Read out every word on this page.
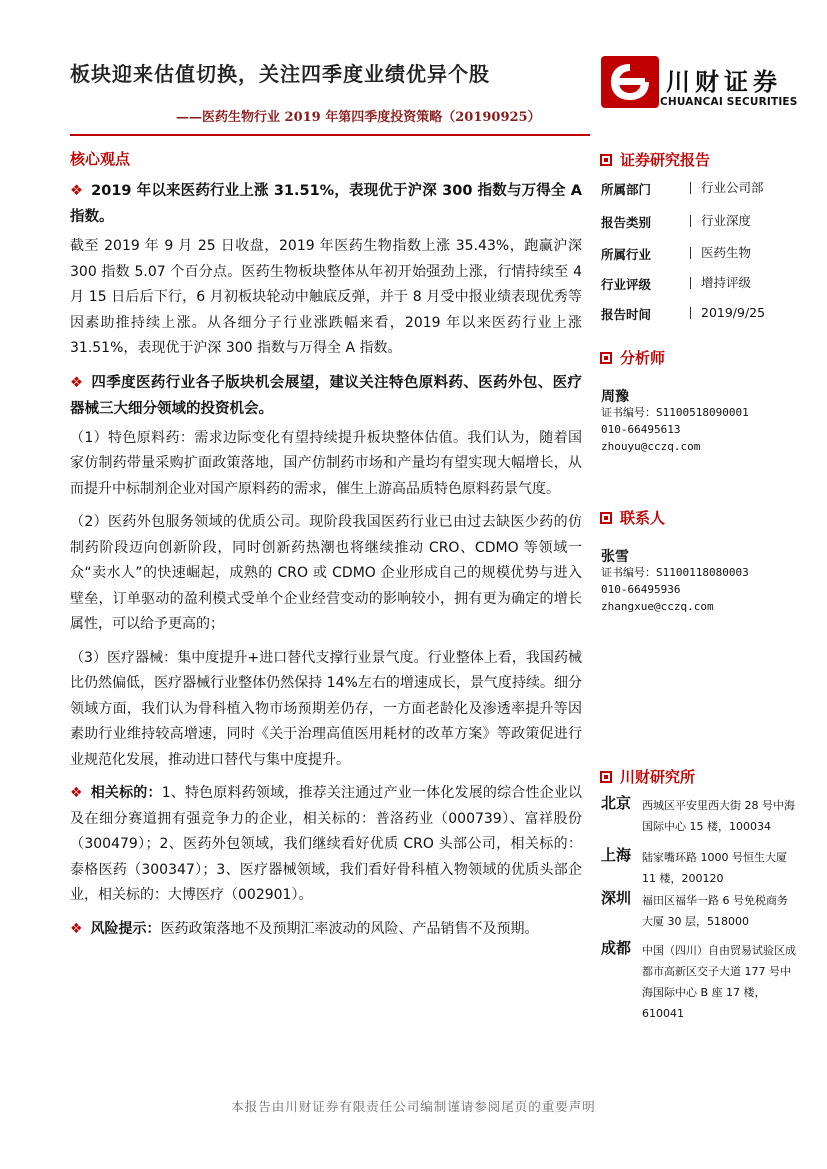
板块迎来估值切换，关注四季度业绩优异个股
——医药生物行业 2019 年第四季度投资策略（20190925）
川财证券
CHUANCAI SECURITIES
核心观点

❖ 2019 年以来医药行业上涨 31.51%，表现优于沪深 300 指数与万得全 A 指数。

截至 2019 年 9 月 25 日收盘，2019 年医药生物指数上涨 35.43%，跑赢沪深 300 指数 5.07 个百分点。医药生物板块整体从年初开始强劲上涨，行情持续至 4 月 15 日后后下行，6 月初板块轮动中触底反弹，并于 8 月受中报业绩表现优秀等因素助推持续上涨。从各细分子行业涨跌幅来看，2019 年以来医药行业上涨 31.51%，表现优于沪深 300 指数与万得全 A 指数。

❖ 四季度医药行业各子版块机会展望，建议关注特色原料药、医药外包、医疗器械三大细分领域的投资机会。

（1）特色原料药：需求边际变化有望持续提升板块整体估值。我们认为，随着国家仿制药带量采购扩面政策落地，国产仿制药市场和产量均有望实现大幅增长，从而提升中标制剂企业对国产原料药的需求，催生上游高品质特色原料药景气度。

（2）医药外包服务领域的优质公司。现阶段我国医药行业已由过去缺医少药的仿制药阶段迈向创新阶段，同时创新药热潮也将继续推动 CRO、CDMO 等领域一众“卖水人”的快速崛起，成熟的 CRO 或 CDMO 企业形成自己的规模优势与进入壁垒，订单驱动的盈利模式受单个企业经营变动的影响较小，拥有更为确定的增长属性，可以给予更高的；

（3）医疗器械：集中度提升+进口替代支撑行业景气度。行业整体上看，我国药械比仍然偏低，医疗器械行业整体仍然保持 14%左右的增速成长，景气度持续。细分领域方面，我们认为骨科植入物市场预期差仍存，一方面老龄化及渗透率提升等因素助行业维持较高增速，同时《关于治理高值医用耗材的改革方案》等政策促进行业规范化发展，推动进口替代与集中度提升。

❖ 相关标的：1、特色原料药领域，推荐关注通过产业一体化发展的综合性企业以及在细分赛道拥有强竞争力的企业，相关标的：普洛药业（000739）、富祥股份（300479）；2、医药外包领域，我们继续看好优质 CRO 头部公司，相关标的：泰格医药（300347）；3、医疗器械领域，我们看好骨科植入物领域的优质头部企业，相关标的：大博医疗（002901）。

❖ 风险提示：医药政策落地不及预期汇率波动的风险、产品销售不及预期。

证券研究报告
所属部门	行业公司部
报告类别	行业深度
所属行业	医药生物
行业评级	增持评级
报告时间	2019/9/25
分析师
周豫
证书编号：S1100518090001
010-66495613
zhouyu@cczq.com
联系人
张雪
证书编号：S1100118080003
010-66495936
zhangxue@cczq.com
川财研究所
北京 西城区平安里西大街 28 号中海国际中心 15 楼，100034
上海 陆家嘴环路 1000 号恒生大厦 11 楼，200120
深圳 福田区福华一路 6 号免税商务大厦 30 层，518000
成都 中国（四川）自由贸易试验区成都市高新区交子大道 177 号中海国际中心 B 座 17 楼，610041
本报告由川财证券有限责任公司编制谨请参阅尾页的重要声明
